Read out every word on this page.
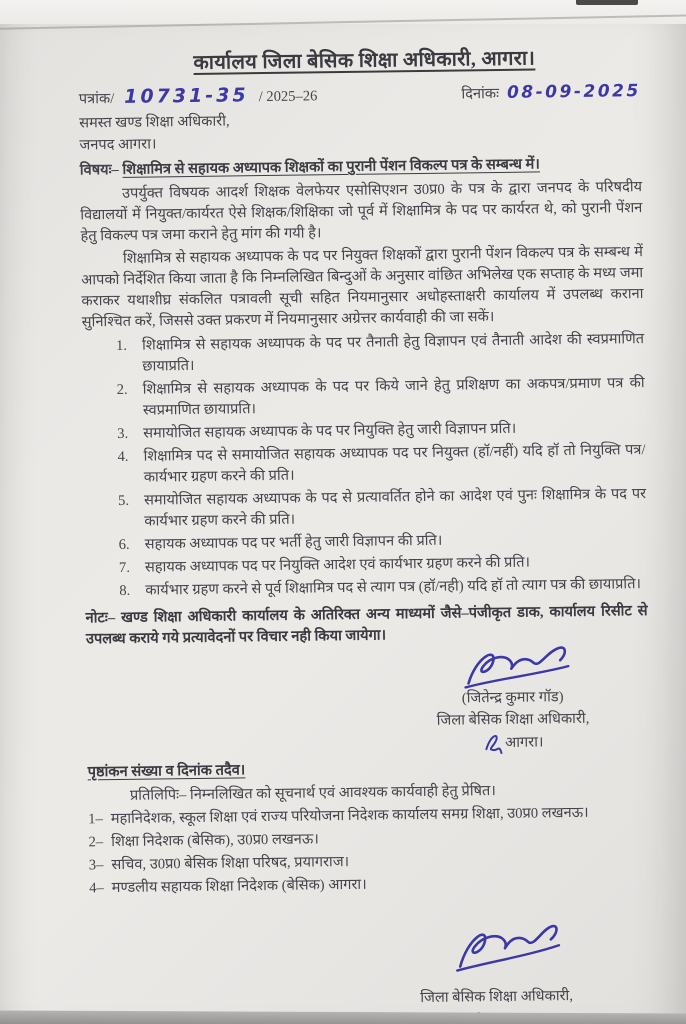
कार्यालय जिला बेसिक शिक्षा अधिकारी, आगरा।
पत्रांक/ 10731-35 / 2025–26	दिनांकः 08-09-2025
समस्त खण्ड शिक्षा अधिकारी,
जनपद आगरा।
विषयः– शिक्षामित्र से सहायक अध्यापक शिक्षकों का पुरानी पेंशन विकल्प पत्र के सम्बन्ध में।
उपर्युक्त विषयक आदर्श शिक्षक वेलफेयर एसोसिएशन उ0प्र0 के पत्र के द्वारा जनपद के परिषदीय विद्यालयों में नियुक्त/कार्यरत ऐसे शिक्षक/शिक्षिका जो पूर्व में शिक्षामित्र के पद पर कार्यरत थे, को पुरानी पेंशन हेतु विकल्प पत्र जमा कराने हेतु मांग की गयी है।
शिक्षामित्र से सहायक अध्यापक के पद पर नियुक्त शिक्षकों द्वारा पुरानी पेंशन विकल्प पत्र के सम्बन्ध में आपको निर्देशित किया जाता है कि निम्नलिखित बिन्दुओं के अनुसार वांछित अभिलेख एक सप्ताह के मध्य जमा कराकर यथाशीघ्र संकलित पत्रावली सूची सहित नियमानुसार अधोहस्ताक्षरी कार्यालय में उपलब्ध कराना सुनिश्चित करें, जिससे उक्त प्रकरण में नियमानुसार अग्रेत्तर कार्यवाही की जा सकें।
1.	शिक्षामित्र से सहायक अध्यापक के पद पर तैनाती हेतु विज्ञापन एवं तैनाती आदेश की स्वप्रमाणित छायाप्रति।
2.	शिक्षामित्र से सहायक अध्यापक के पद पर किये जाने हेतु प्रशिक्षण का अकपत्र/प्रमाण पत्र की स्वप्रमाणित छायाप्रति।
3.	समायोजित सहायक अध्यापक के पद पर नियुक्ति हेतु जारी विज्ञापन प्रति।
4.	शिक्षामित्र पद से समायोजित सहायक अध्यापक पद पर नियुक्त (हॉ/नहीं) यदि हॉ तो नियुक्ति पत्र/कार्यभार ग्रहण करने की प्रति।
5.	समायोजित सहायक अध्यापक के पद से प्रत्यावर्तित होने का आदेश एवं पुनः शिक्षामित्र के पद पर कार्यभार ग्रहण करने की प्रति।
6.	सहायक अध्यापक पद पर भर्ती हेतु जारी विज्ञापन की प्रति।
7.	सहायक अध्यापक पद पर नियुक्ति आदेश एवं कार्यभार ग्रहण करने की प्रति।
8.	कार्यभार ग्रहण करने से पूर्व शिक्षामित्र पद से त्याग पत्र (हॉ/नही) यदि हॉ तो त्याग पत्र की छायाप्रति।
नोटः– खण्ड शिक्षा अधिकारी कार्यालय के अतिरिक्त अन्य माध्यमों जैसे–पंजीकृत डाक, कार्यालय रिसीट से उपलब्ध कराये गये प्रत्यावेदनों पर विचार नही किया जायेगा।
(जितेन्द्र कुमार गॉड)
जिला बेसिक शिक्षा अधिकारी,
आगरा।
पृष्ठांकन संख्या व दिनांक तदैव।
प्रतिलिपिः– निम्नलिखित को सूचनार्थ एवं आवश्यक कार्यवाही हेतु प्रेषित।
1– महानिदेशक, स्कूल शिक्षा एवं राज्य परियोजना निदेशक कार्यालय समग्र शिक्षा, उ0प्र0 लखनऊ।
2– शिक्षा निदेशक (बेसिक), उ0प्र0 लखनऊ।
3– सचिव, उ0प्र0 बेसिक शिक्षा परिषद, प्रयागराज।
4– मण्डलीय सहायक शिक्षा निदेशक (बेसिक) आगरा।
जिला बेसिक शिक्षा अधिकारी,
